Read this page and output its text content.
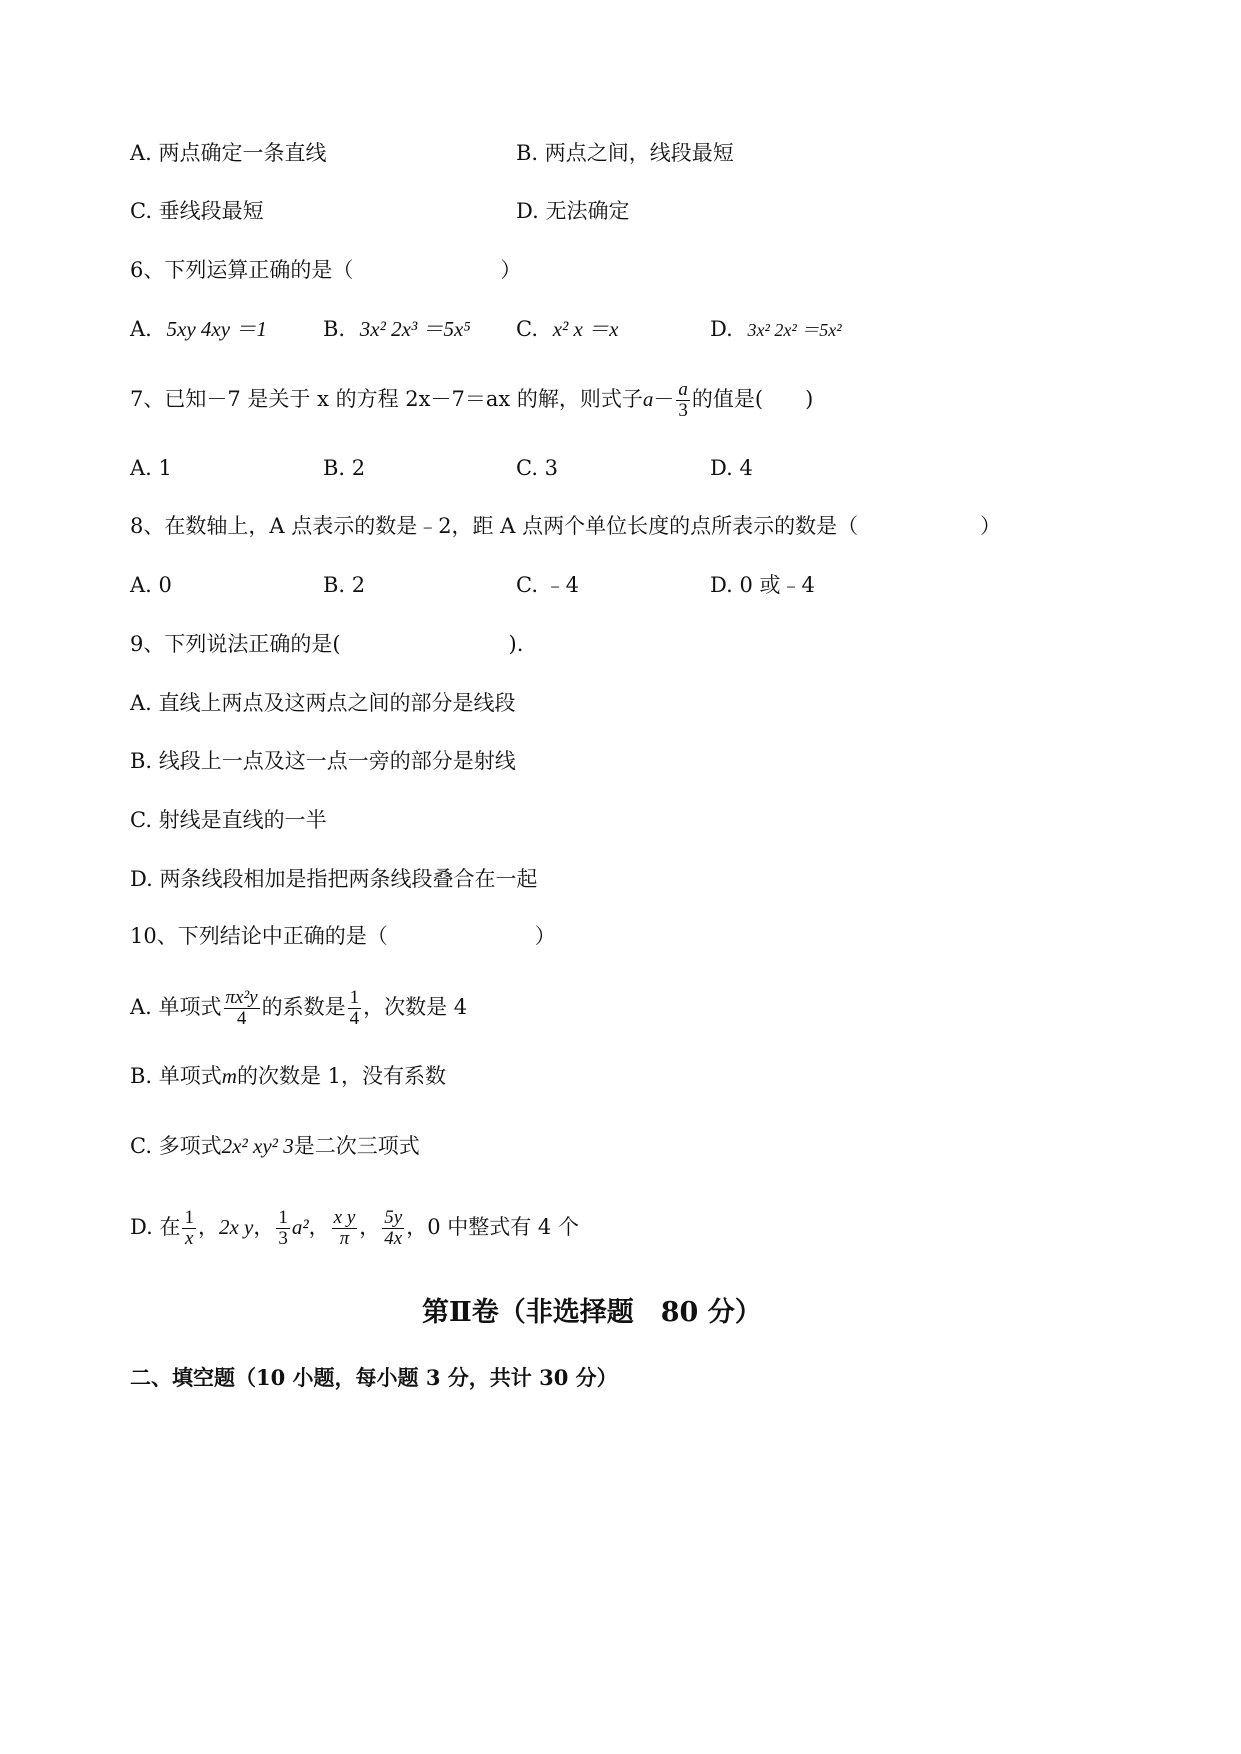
A. 两点确定一条直线	B. 两点之间，线段最短
C. 垂线段最短	D. 无法确定
6、下列运算正确的是（　　　　　　　）
A. 5xy 4xy ＝1	B. 3x² 2x³ ＝5x⁵ C. x² x ＝x	D. 3x² 2x² ＝5x²
7、已知－7 是关于 x 的方程 2x－7＝ax 的解，则式子$a- \frac{a}{3}$ 的值是(　　)
A. 1	B. 2	C. 3	D. 4
8、在数轴上，A 点表示的数是﹣2，距 A 点两个单位长度的点所表示的数是（	）
A. 0	B. 2	C. ﹣4	D. 0 或﹣4
9、下列说法正确的是(　　　　　　　　).
A. 直线上两点及这两点之间的部分是线段
B. 线段上一点及这一点一旁的部分是射线
C. 射线是直线的一半
D. 两条线段相加是指把两条线段叠合在一起
10、下列结论中正确的是（　　　　　　　）
A. 单项式 $\frac{\text{πx²y}}{4}$ 的系数是 $\frac{1}{4}$ ，次数是 4
B. 单项式m的次数是 1，没有系数
C. 多项式2x² xy² 3是二次三项式
D. 在 $\frac{1}{x}$ ，2x y， $\frac{1}{3} a^2$， $\frac{\text{x y}}{\pi}$ ， $\frac{5y}{4x}$ ，0 中整式有 4 个
第Ⅱ卷（非选择题　80 分）
二、填空题（10 小题，每小题 3 分，共计 30 分）
